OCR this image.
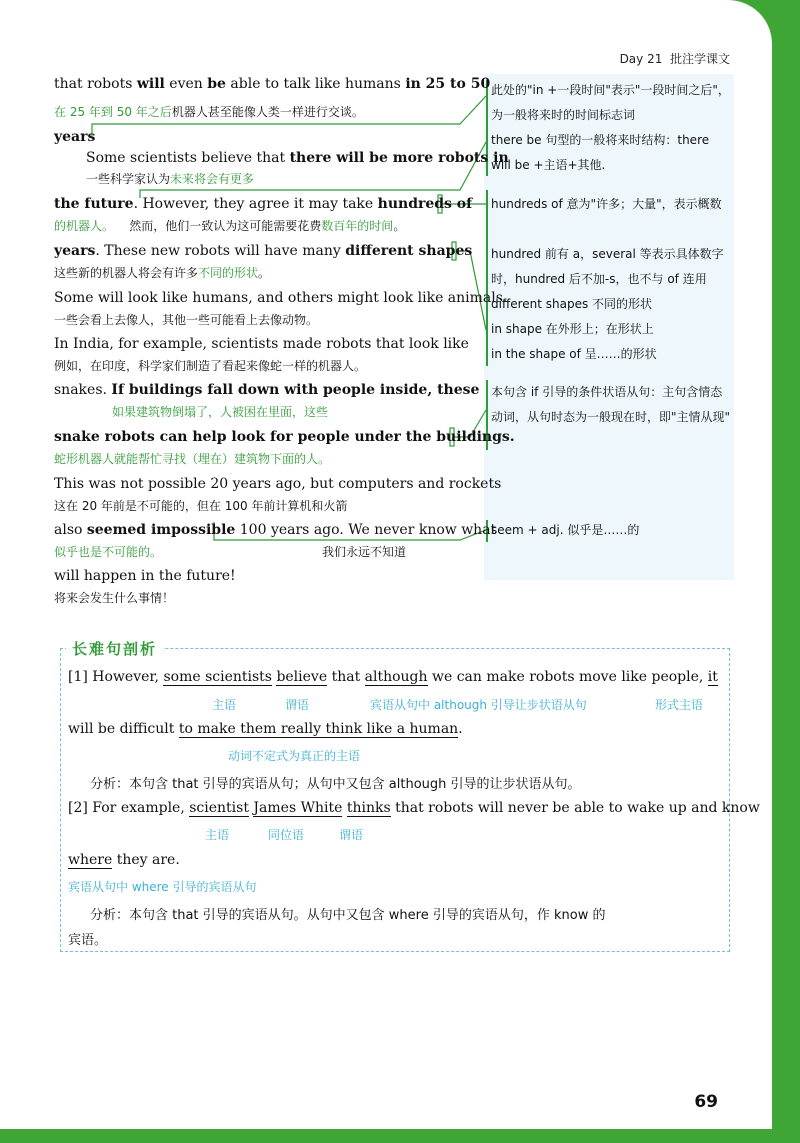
Day 21 批注学课文
that robots will even be able to talk like humans in 25 to 50
在 25 年到 50 年之后机器人甚至能像人类一样进行交谈。
years
Some scientists believe that there will be more robots in
一些科学家认为未来将会有更多
the future. However, they agree it may take hundreds of
的机器人。 然而，他们一致认为这可能需要花费数百年的时间。
years. These new robots will have many different shapes
这些新的机器人将会有许多不同的形状。
Some will look like humans, and others might look like animals.
一些会看上去像人，其他一些可能看上去像动物。
In India, for example, scientists made robots that look like
例如，在印度，科学家们制造了看起来像蛇一样的机器人。
snakes. If buildings fall down with people inside, these
如果建筑物倒塌了，人被困在里面，这些
snake robots can help look for people under the buildings.
蛇形机器人就能帮忙寻找（埋在）建筑物下面的人。
This was not possible 20 years ago, but computers and rockets
这在 20 年前是不可能的，但在 100 年前计算机和火箭
also seemed impossible 100 years ago. We never know what
似乎也是不可能的。	我们永远不知道
will happen in the future!
将来会发生什么事情！
此处的"in +一段时间"表示"一段时间之后"，为一般将来时的时间标志词
there be 句型的一般将来时结构：there will be +主语+其他.
hundreds of 意为"许多；大量"，表示概数
hundred 前有 a，several 等表示具体数字时，hundred 后不加-s，也不与 of 连用
different shapes 不同的形状
in shape 在外形上；在形状上
in the shape of 呈……的形状
本句含 if 引导的条件状语从句：主句含情态动词，从句时态为一般现在时，即"主情从现"
seem + adj. 似乎是……的
长难句剖析
[1] However, some scientists believe that although we can make robots move like people, it
主语	谓语	宾语从句中 although 引导让步状语从句	形式主语
will be difficult to make them really think like a human.
动词不定式为真正的主语
分析：本句含 that 引导的宾语从句；从句中又包含 although 引导的让步状语从句。
[2] For example, scientist James White thinks that robots will never be able to wake up and know
主语	同位语	谓语
where they are.
宾语从句中 where 引导的宾语从句
分析：本句含 that 引导的宾语从句。从句中又包含 where 引导的宾语从句，作 know 的
宾语。
69
